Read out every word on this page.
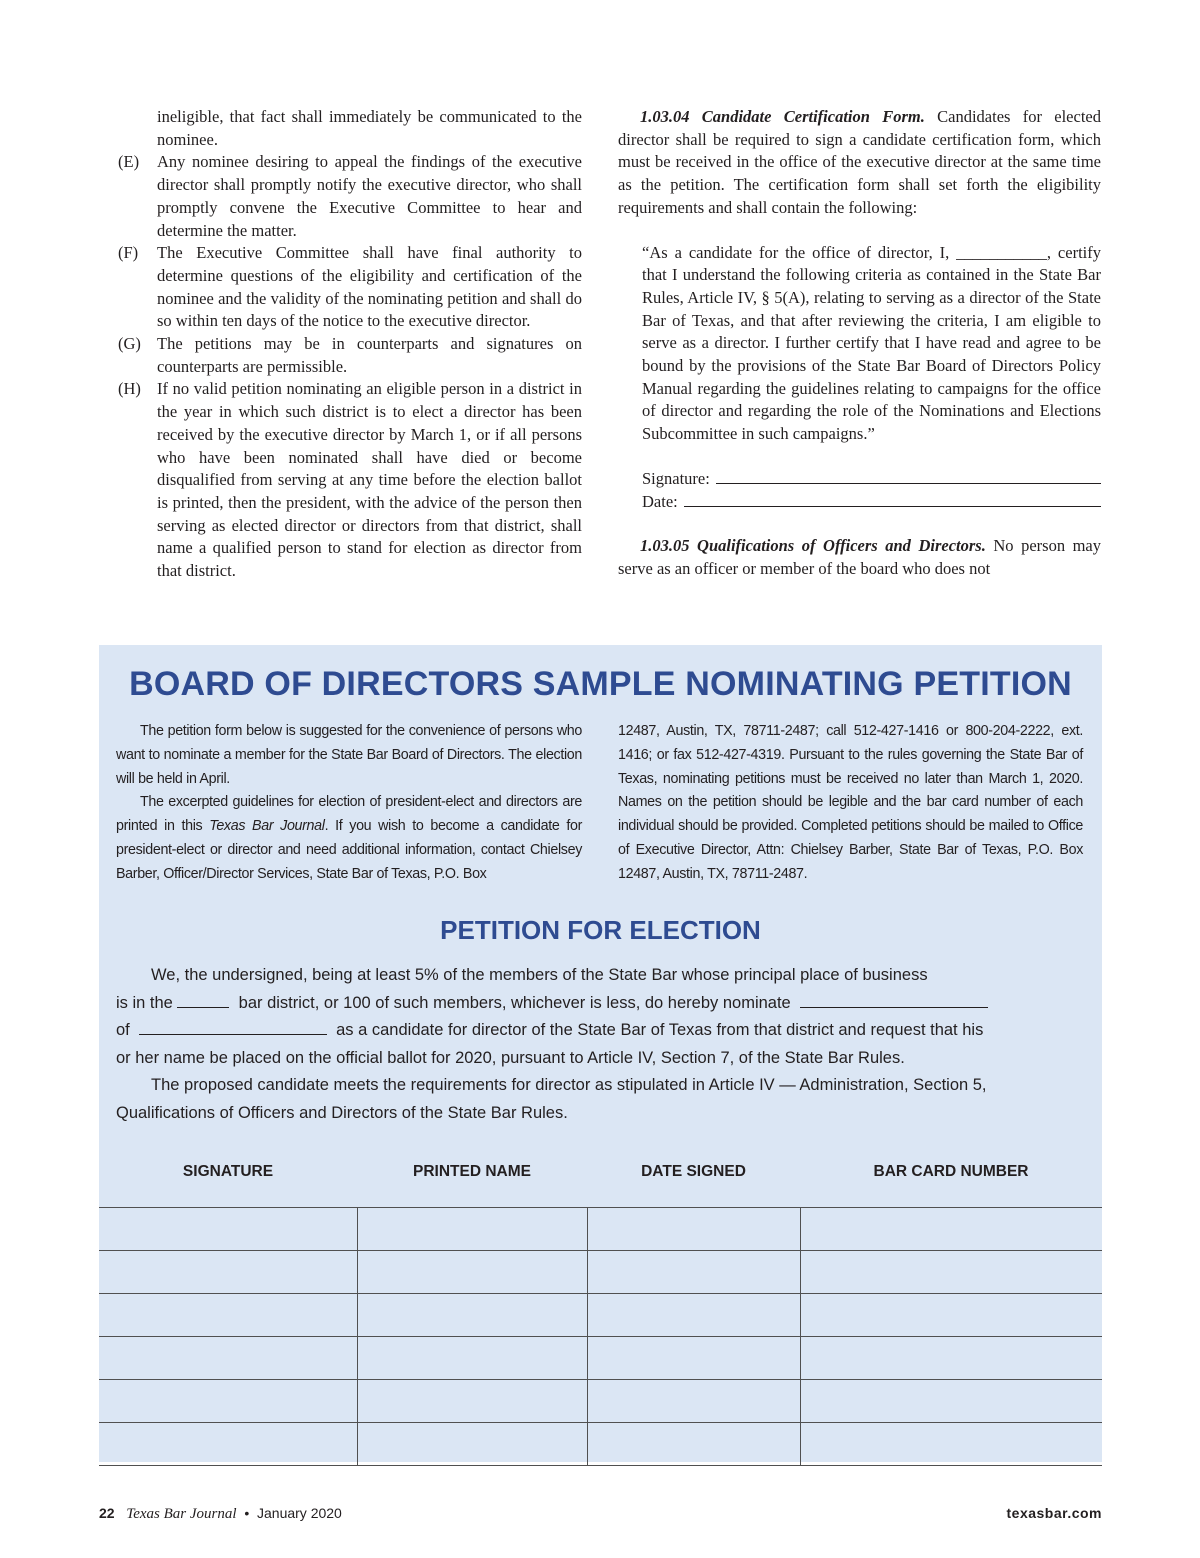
ineligible, that fact shall immediately be communicated to the nominee.

(E) Any nominee desiring to appeal the findings of the executive director shall promptly notify the executive director, who shall promptly convene the Executive Committee to hear and determine the matter.

(F) The Executive Committee shall have final authority to determine questions of the eligibility and certification of the nominee and the validity of the nominating petition and shall do so within ten days of the notice to the executive director.

(G) The petitions may be in counterparts and signatures on counterparts are permissible.

(H) If no valid petition nominating an eligible person in a district in the year in which such district is to elect a director has been received by the executive director by March 1, or if all persons who have been nominated shall have died or become disqualified from serving at any time before the election ballot is printed, then the president, with the advice of the person then serving as elected director or directors from that district, shall name a qualified person to stand for election as director from that district.

1.03.04 Candidate Certification Form. Candidates for elected director shall be required to sign a candidate certification form, which must be received in the office of the executive director at the same time as the petition. The certification form shall set forth the eligibility requirements and shall contain the following:

“As a candidate for the office of director, I, ___________, certify that I understand the following criteria as contained in the State Bar Rules, Article IV, § 5(A), relating to serving as a director of the State Bar of Texas, and that after reviewing the criteria, I am eligible to serve as a director. I further certify that I have read and agree to be bound by the provisions of the State Bar Board of Directors Policy Manual regarding the guidelines relating to campaigns for the office of director and regarding the role of the Nominations and Elections Subcommittee in such campaigns.”

Signature:
Date:

1.03.05 Qualifications of Officers and Directors. No person may serve as an officer or member of the board who does not

BOARD OF DIRECTORS SAMPLE NOMINATING PETITION

The petition form below is suggested for the convenience of persons who want to nominate a member for the State Bar Board of Directors. The election will be held in April.

The excerpted guidelines for election of president-elect and directors are printed in this Texas Bar Journal. If you wish to become a candidate for president-elect or director and need additional information, contact Chielsey Barber, Officer/Director Services, State Bar of Texas, P.O. Box

12487, Austin, TX, 78711-2487; call 512-427-1416 or 800-204-2222, ext. 1416; or fax 512-427-4319. Pursuant to the rules governing the State Bar of Texas, nominating petitions must be received no later than March 1, 2020. Names on the petition should be legible and the bar card number of each individual should be provided. Completed petitions should be mailed to Office of Executive Director, Attn: Chielsey Barber, State Bar of Texas, P.O. Box 12487, Austin, TX, 78711-2487.

PETITION FOR ELECTION
We, the undersigned, being at least 5% of the members of the State Bar whose principal place of business
is in the	bar district, or 100 of such members, whichever is less, do hereby nominate
of	as a candidate for director of the State Bar of Texas from that district and request that his
or her name be placed on the official ballot for 2020, pursuant to Article IV, Section 7, of the State Bar Rules.
The proposed candidate meets the requirements for director as stipulated in Article IV — Administration, Section 5,
Qualifications of Officers and Directors of the State Bar Rules.
SIGNATURE	PRINTED NAME	DATE SIGNED	BAR CARD NUMBER

22 Texas Bar Journal • January 2020	texasbar.com
